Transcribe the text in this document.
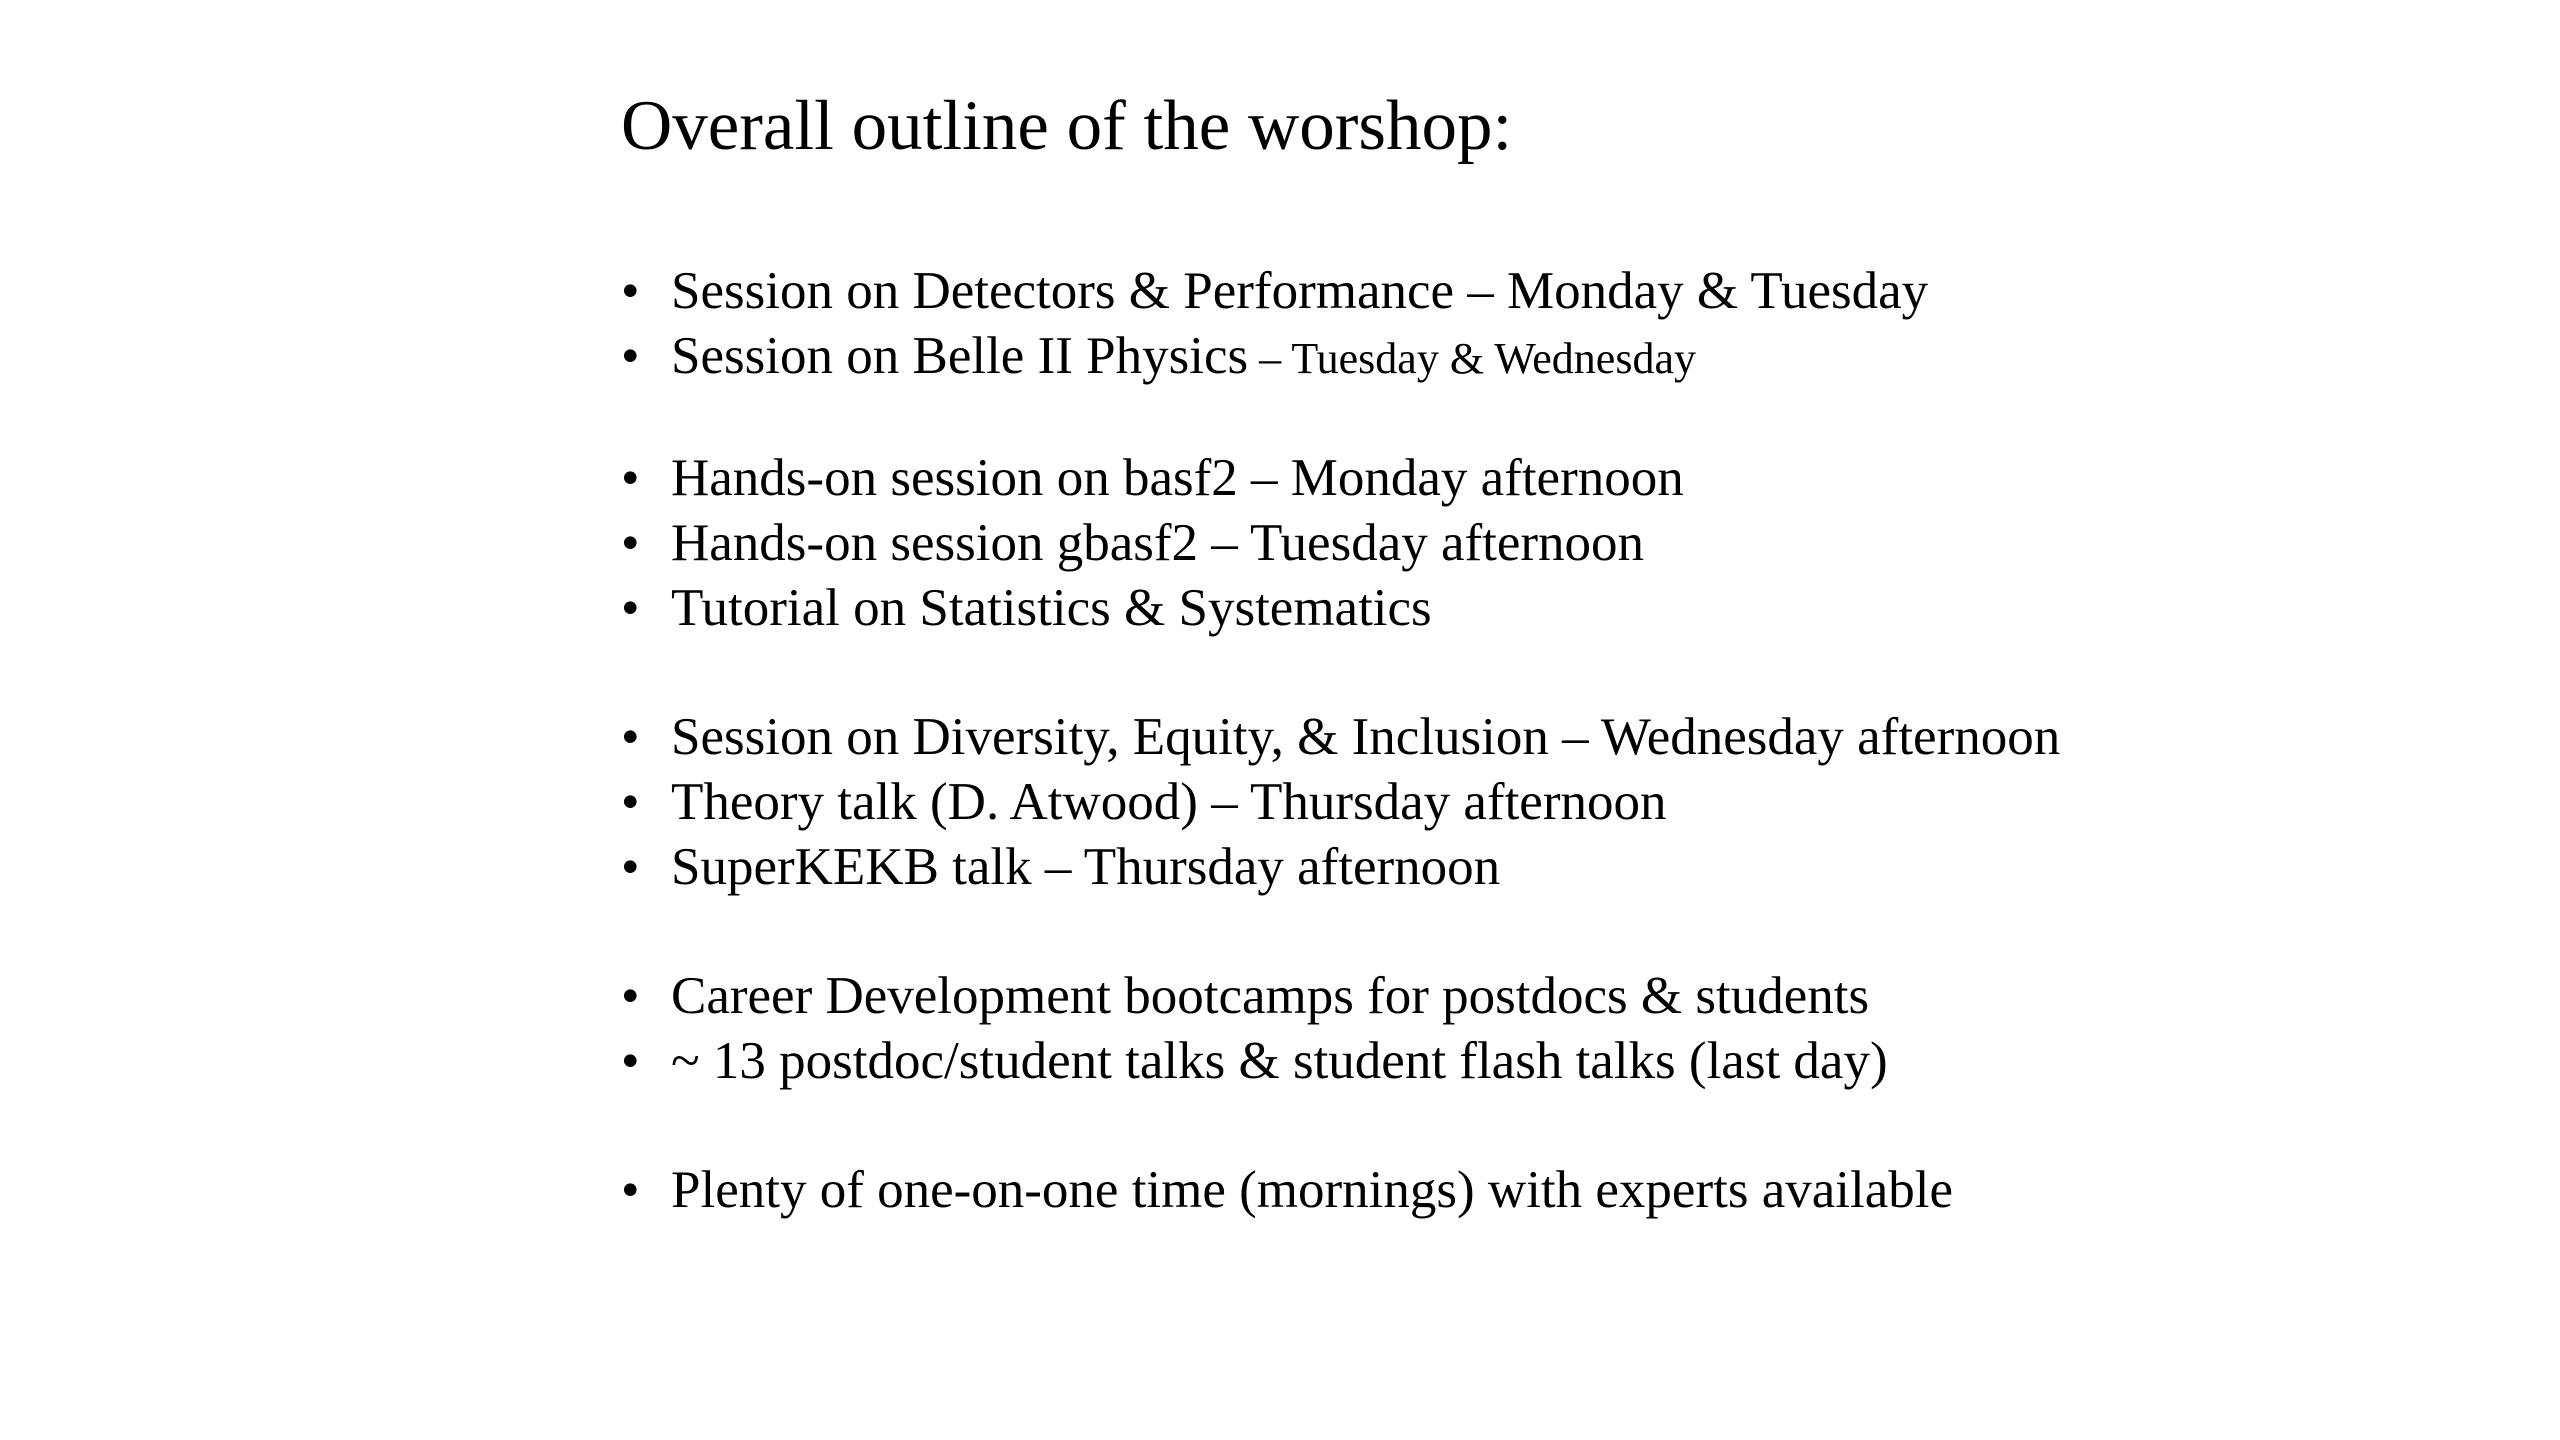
Overall outline of the worshop:
• Session on Detectors & Performance – Monday & Tuesday
• Session on Belle II Physics – Tuesday & Wednesday
• Hands-on session on basf2 – Monday afternoon
• Hands-on session gbasf2 – Tuesday afternoon
• Tutorial on Statistics & Systematics
• Session on Diversity, Equity, & Inclusion – Wednesday afternoon
• Theory talk (D. Atwood) – Thursday afternoon
• SuperKEKB talk – Thursday afternoon
• Career Development bootcamps for postdocs & students
• ~ 13 postdoc/student talks & student flash talks (last day)
• Plenty of one-on-one time (mornings) with experts available
